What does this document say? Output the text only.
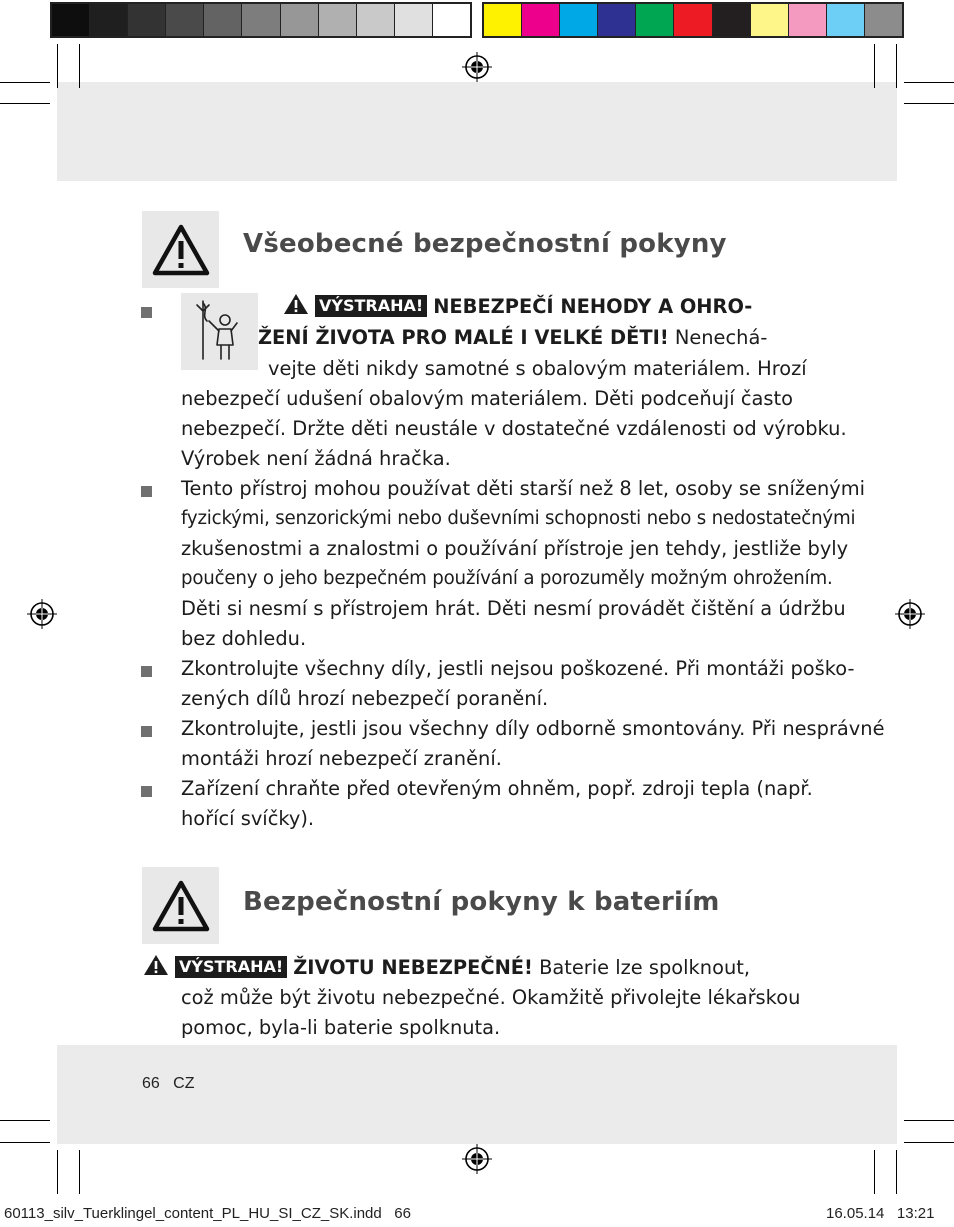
Všeobecné bezpečnostní pokyny
VÝSTRAHA! NEBEZPEČÍ NEHODY A OHRO-
ŽENÍ ŽIVOTA PRO MALÉ I VELKÉ DĚTI! Nenechá-
vejte děti nikdy samotné s obalovým materiálem. Hrozí
nebezpečí udušení obalovým materiálem. Děti podceňují často
nebezpečí. Držte děti neustále v dostatečné vzdálenosti od výrobku.
Výrobek není žádná hračka.
Tento přístroj mohou používat děti starší než 8 let, osoby se sníženými
fyzickými, senzorickými nebo duševními schopnosti nebo s nedostatečnými
zkušenostmi a znalostmi o používání přístroje jen tehdy, jestliže byly
poučeny o jeho bezpečném používání a porozuměly možným ohrožením.
Děti si nesmí s přístrojem hrát. Děti nesmí provádět čištění a údržbu
bez dohledu.
Zkontrolujte všechny díly, jestli nejsou poškozené. Při montáži poško-
zených dílů hrozí nebezpečí poranění.
Zkontrolujte, jestli jsou všechny díly odborně smontovány. Při nesprávné
montáži hrozí nebezpečí zranění.
Zařízení chraňte před otevřeným ohněm, popř. zdroji tepla (např.
hořící svíčky).
Bezpečnostní pokyny k bateriím
VÝSTRAHA! ŽIVOTU NEBEZPEČNÉ! Baterie lze spolknout,
což může být životu nebezpečné. Okamžitě přivolejte lékařskou
pomoc, byla-li baterie spolknuta.
66 CZ
60113_silv_Tuerklingel_content_PL_HU_SI_CZ_SK.indd 66	16.05.14 13:21
